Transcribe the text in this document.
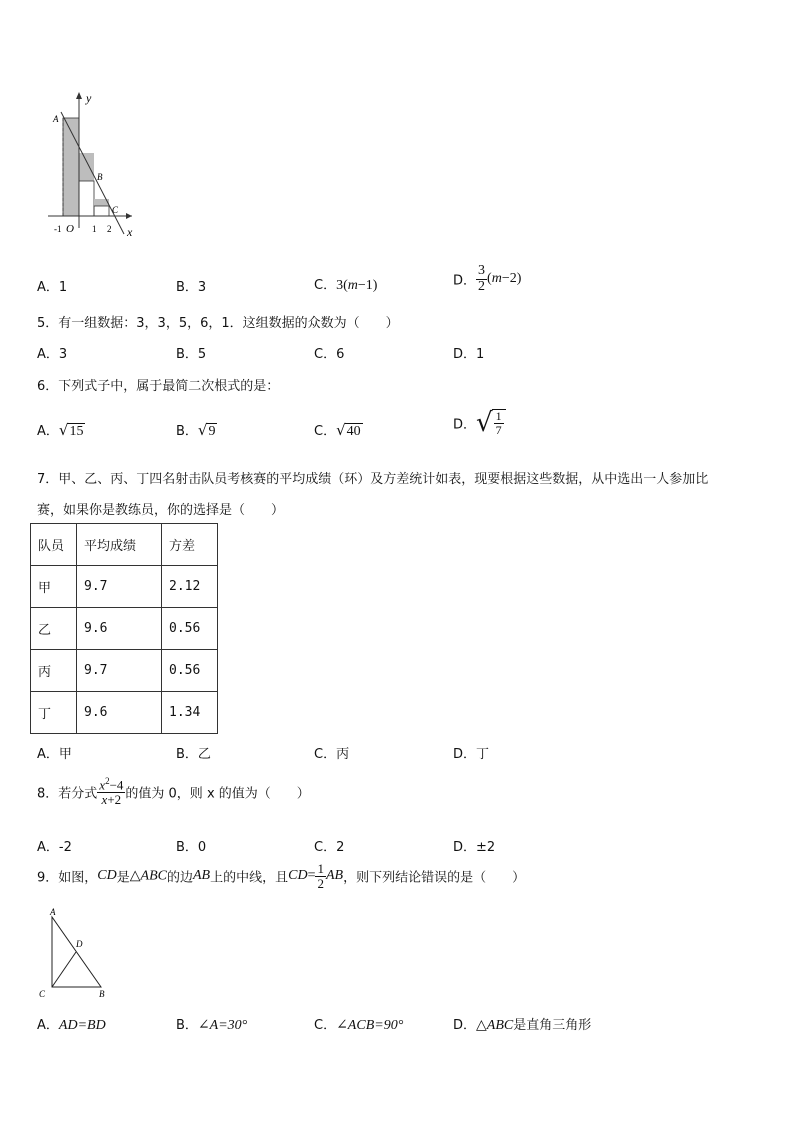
y
x
A
B
C
O
-1	1 2
A．1	B．3	C．3(m−1)	D． $\frac{3}{2} (m-2)$
5．有一组数据：3，3，5，6，1．这组数据的众数为（　　）
A．3	B．5	C．6	D．1
6．下列式子中，属于最简二次根式的是：
A．√15	B．√9	C．√40	D．√ $\frac{1}{7}$
7．甲、乙、丙、丁四名射击队员考核赛的平均成绩（环）及方差统计如表，现要根据这些数据，从中选出一人参加比
赛，如果你是教练员，你的选择是（　　）
队员	平均成绩	方差
甲	9.7	2.12
乙	9.6	0.56
丙	9.7	0.56
丁	9.6	1.34
A．甲	B．乙	C．丙	D．丁
8．若分式 $\frac{x^2-4}{x+2}$ 的值为 0，则 x 的值为（　　）
A．-2	B．0	C．2	D．±2
9．如图，CD是△ABC的边AB上的中线，且$CD= \frac{1}{2}$ AB，则下列结论错误的是（　　）
A
D
C	B
A．AD=BD	B．∠A=30°	C．∠ACB=90°	D．△ABC是直角三角形
